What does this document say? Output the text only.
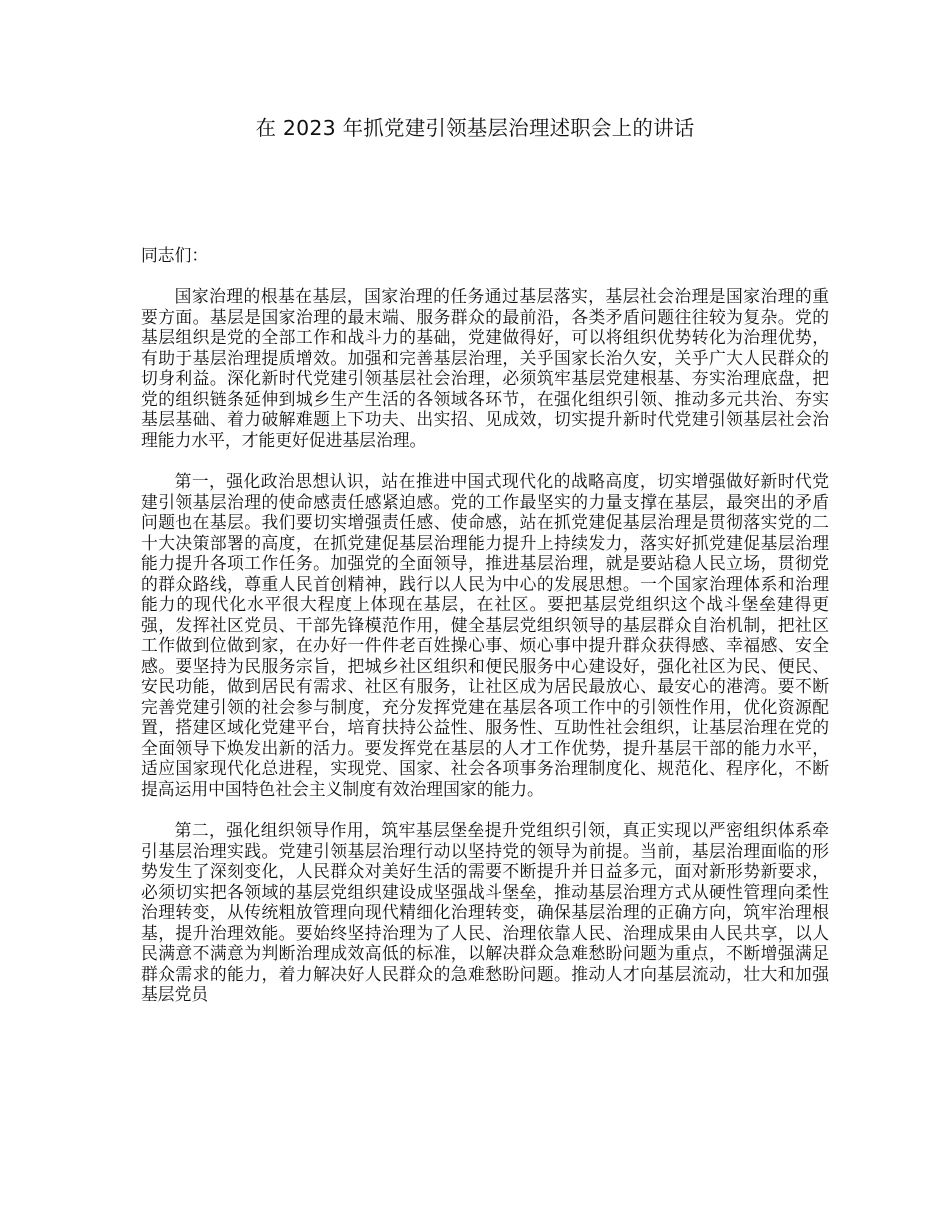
在 2023 年抓党建引领基层治理述职会上的讲话

同志们：

国家治理的根基在基层，国家治理的任务通过基层落实，基层社会治理是国家治理的重要方面。基层是国家治理的最末端、服务群众的最前沿，各类矛盾问题往往较为复杂。党的基层组织是党的全部工作和战斗力的基础，党建做得好，可以将组织优势转化为治理优势，有助于基层治理提质增效。加强和完善基层治理，关乎国家长治久安，关乎广大人民群众的切身利益。深化新时代党建引领基层社会治理，必须筑牢基层党建根基、夯实治理底盘，把党的组织链条延伸到城乡生产生活的各领域各环节，在强化组织引领、推动多元共治、夯实基层基础、着力破解难题上下功夫、出实招、见成效，切实提升新时代党建引领基层社会治理能力水平，才能更好促进基层治理。

第一，强化政治思想认识，站在推进中国式现代化的战略高度，切实增强做好新时代党建引领基层治理的使命感责任感紧迫感。党的工作最坚实的力量支撑在基层，最突出的矛盾问题也在基层。我们要切实增强责任感、使命感，站在抓党建促基层治理是贯彻落实党的二十大决策部署的高度，在抓党建促基层治理能力提升上持续发力，落实好抓党建促基层治理能力提升各项工作任务。加强党的全面领导，推进基层治理，就是要站稳人民立场，贯彻党的群众路线，尊重人民首创精神，践行以人民为中心的发展思想。一个国家治理体系和治理能力的现代化水平很大程度上体现在基层，在社区。要把基层党组织这个战斗堡垒建得更强，发挥社区党员、干部先锋模范作用，健全基层党组织领导的基层群众自治机制，把社区工作做到位做到家，在办好一件件老百姓操心事、烦心事中提升群众获得感、幸福感、安全感。要坚持为民服务宗旨，把城乡社区组织和便民服务中心建设好，强化社区为民、便民、安民功能，做到居民有需求、社区有服务，让社区成为居民最放心、最安心的港湾。要不断完善党建引领的社会参与制度，充分发挥党建在基层各项工作中的引领性作用，优化资源配置，搭建区域化党建平台，培育扶持公益性、服务性、互助性社会组织，让基层治理在党的全面领导下焕发出新的活力。要发挥党在基层的人才工作优势，提升基层干部的能力水平，适应国家现代化总进程，实现党、国家、社会各项事务治理制度化、规范化、程序化，不断提高运用中国特色社会主义制度有效治理国家的能力。

第二，强化组织领导作用，筑牢基层堡垒提升党组织引领，真正实现以严密组织体系牵引基层治理实践。党建引领基层治理行动以坚持党的领导为前提。当前，基层治理面临的形势发生了深刻变化，人民群众对美好生活的需要不断提升并日益多元，面对新形势新要求，必须切实把各领域的基层党组织建设成坚强战斗堡垒，推动基层治理方式从硬性管理向柔性治理转变，从传统粗放管理向现代精细化治理转变，确保基层治理的正确方向，筑牢治理根基，提升治理效能。要始终坚持治理为了人民、治理依靠人民、治理成果由人民共享，以人民满意不满意为判断治理成效高低的标准，以解决群众急难愁盼问题为重点，不断增强满足群众需求的能力，着力解决好人民群众的急难愁盼问题。推动人才向基层流动，壮大和加强基层党员
